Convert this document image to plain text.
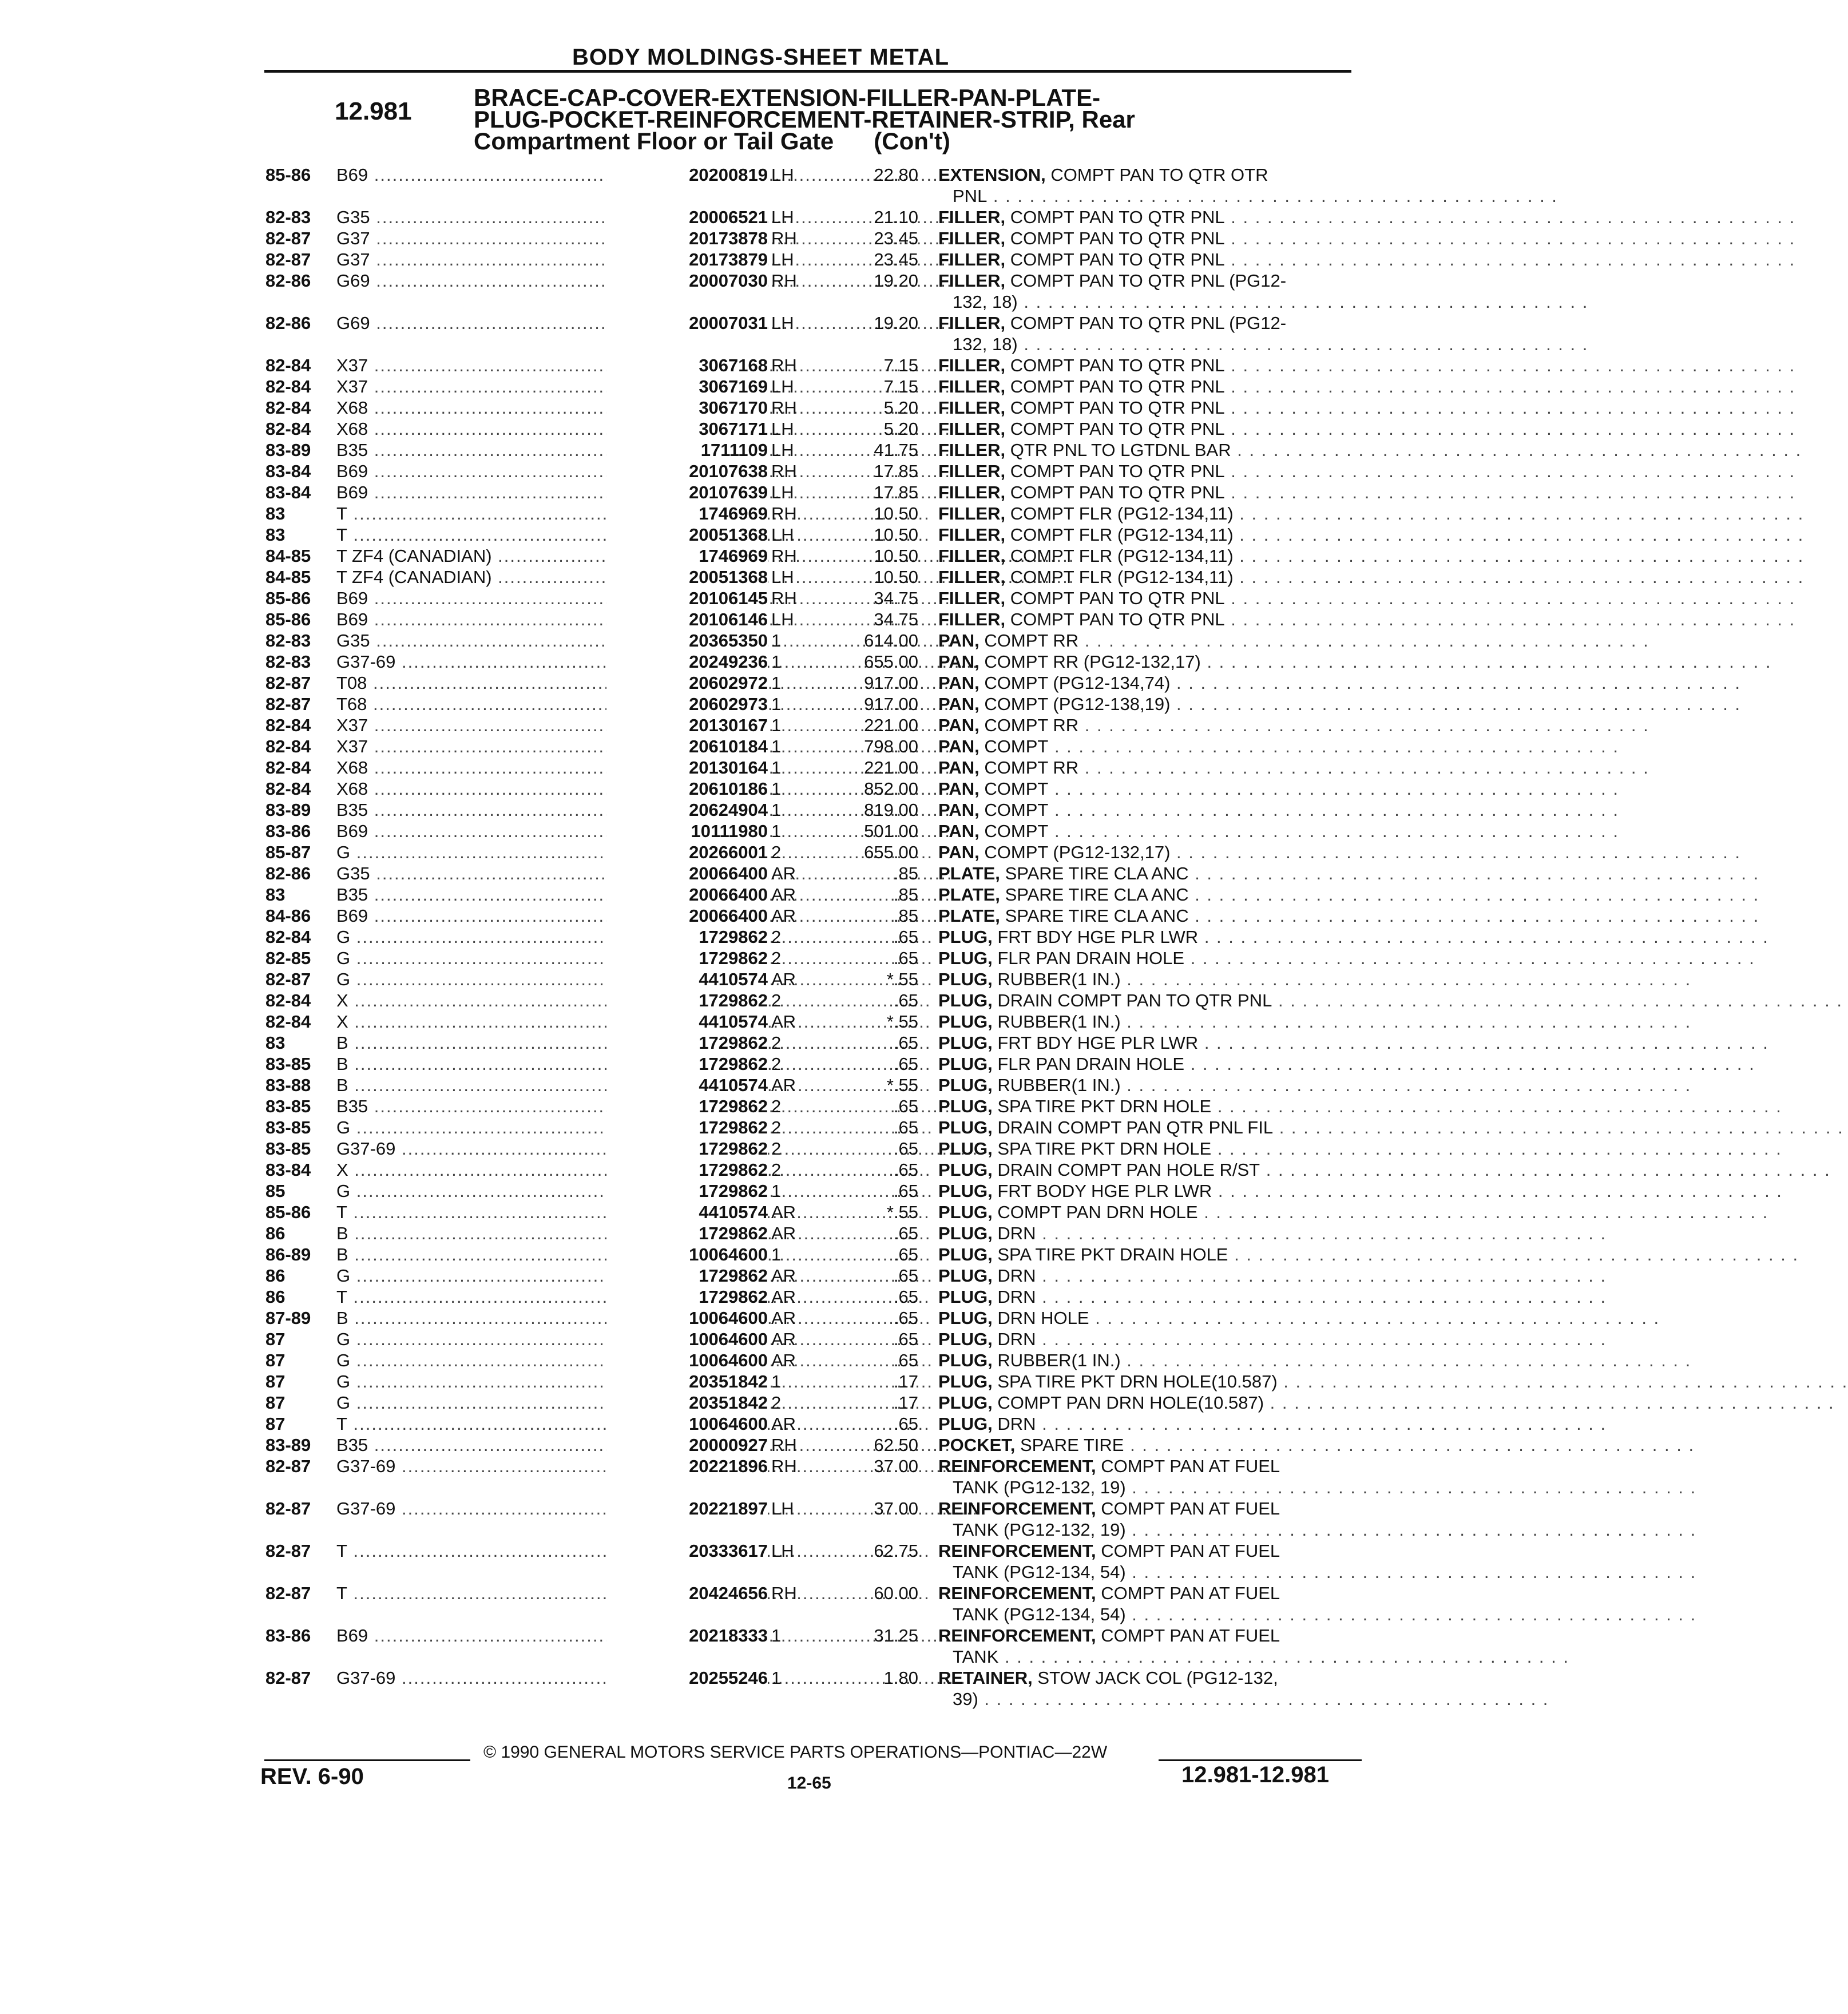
BODY MOLDINGS-SHEET METAL
12.981	BRACE-CAP-COVER-EXTENSION-FILLER-PAN-PLATE-
PLUG-POCKET-REINFORCEMENT-RETAINER-STRIP, Rear
Compartment Floor or Tail Gate      (Con't)
85-86	B69 .....	20200819 LH	22.80 EXTENSION, COMPT PAN TO QTR OTR
PNL . . . . . . . . . . . . . . . . . . . . . . . . . . . . . . . . . . . . . . . . . . . . . . .
82-83	G35 .....	20006521 LH	21.10 FILLER, COMPT PAN TO QTR PNL . . . . . . . . . . . . . . . . . . . . . . . . . . . . . . . . . . . . . . . . . . . . . . .
82-87	G37 .....	20173878 RH	23.45 FILLER, COMPT PAN TO QTR PNL . . . . . . . . . . . . . . . . . . . . . . . . . . . . . . . . . . . . . . . . . . . . . . .
82-87	G37 .....	20173879 LH	23.45 FILLER, COMPT PAN TO QTR PNL . . . . . . . . . . . . . . . . . . . . . . . . . . . . . . . . . . . . . . . . . . . . . . .
82-86	G69 .....	20007030 RH	19.20 FILLER, COMPT PAN TO QTR PNL (PG12-
132, 18) . . . . . . . . . . . . . . . . . . . . . . . . . . . . . . . . . . . . . . . . . . . . . . .
82-86	G69 .....	20007031 LH	19.20 FILLER, COMPT PAN TO QTR PNL (PG12-
132, 18) . . . . . . . . . . . . . . . . . . . . . . . . . . . . . . . . . . . . . . . . . . . . . . .
82-84	X37 .....	3067168 RH	7.15 FILLER, COMPT PAN TO QTR PNL . . . . . . . . . . . . . . . . . . . . . . . . . . . . . . . . . . . . . . . . . . . . . . .
82-84	X37 .....	3067169 LH	7.15 FILLER, COMPT PAN TO QTR PNL . . . . . . . . . . . . . . . . . . . . . . . . . . . . . . . . . . . . . . . . . . . . . . .
82-84	X68 .....	3067170 RH	5.20 FILLER, COMPT PAN TO QTR PNL . . . . . . . . . . . . . . . . . . . . . . . . . . . . . . . . . . . . . . . . . . . . . . .
82-84	X68 .....	3067171 LH	5.20 FILLER, COMPT PAN TO QTR PNL . . . . . . . . . . . . . . . . . . . . . . . . . . . . . . . . . . . . . . . . . . . . . . .
83-89	B35 .....	1711109 LH	41.75 FILLER, QTR PNL TO LGTDNL BAR . . . . . . . . . . . . . . . . . . . . . . . . . . . . . . . . . . . . . . . . . . . . . . .
83-84	B69 .....	20107638 RH	17.85 FILLER, COMPT PAN TO QTR PNL . . . . . . . . . . . . . . . . . . . . . . . . . . . . . . . . . . . . . . . . . . . . . . .
83-84	B69 .....	20107639 LH	17.85 FILLER, COMPT PAN TO QTR PNL . . . . . . . . . . . . . . . . . . . . . . . . . . . . . . . . . . . . . . . . . . . . . . .
83	T .....	1746969 RH	10.50 FILLER, COMPT FLR (PG12-134,11) . . . . . . . . . . . . . . . . . . . . . . . . . . . . . . . . . . . . . . . . . . . . . . .
83	T .....	20051368 LH	10.50 FILLER, COMPT FLR (PG12-134,11) . . . . . . . . . . . . . . . . . . . . . . . . . . . . . . . . . . . . . . . . . . . . . . .
84-85	T ZF4 (CANADIAN) .....	1746969 RH	10.50 FILLER, COMPT FLR (PG12-134,11) . . . . . . . . . . . . . . . . . . . . . . . . . . . . . . . . . . . . . . . . . . . . . . .
84-85	T ZF4 (CANADIAN) .....	20051368 LH	10.50 FILLER, COMPT FLR (PG12-134,11) . . . . . . . . . . . . . . . . . . . . . . . . . . . . . . . . . . . . . . . . . . . . . . .
85-86	B69 .....	20106145 RH	34.75 FILLER, COMPT PAN TO QTR PNL . . . . . . . . . . . . . . . . . . . . . . . . . . . . . . . . . . . . . . . . . . . . . . .
85-86	B69 .....	20106146 LH	34.75 FILLER, COMPT PAN TO QTR PNL . . . . . . . . . . . . . . . . . . . . . . . . . . . . . . . . . . . . . . . . . . . . . . .
82-83	G35 .....	20365350 1	614.00 PAN, COMPT RR . . . . . . . . . . . . . . . . . . . . . . . . . . . . . . . . . . . . . . . . . . . . . . .
82-83	G37-69 .....	20249236 1	655.00 PAN, COMPT RR (PG12-132,17) . . . . . . . . . . . . . . . . . . . . . . . . . . . . . . . . . . . . . . . . . . . . . . .
82-87	T08 .....	20602972 1	917.00 PAN, COMPT (PG12-134,74) . . . . . . . . . . . . . . . . . . . . . . . . . . . . . . . . . . . . . . . . . . . . . . .
82-87	T68 .....	20602973 1	917.00 PAN, COMPT (PG12-138,19) . . . . . . . . . . . . . . . . . . . . . . . . . . . . . . . . . . . . . . . . . . . . . . .
82-84	X37 .....	20130167 1	221.00 PAN, COMPT RR . . . . . . . . . . . . . . . . . . . . . . . . . . . . . . . . . . . . . . . . . . . . . . .
82-84	X37 .....	20610184 1	798.00 PAN, COMPT . . . . . . . . . . . . . . . . . . . . . . . . . . . . . . . . . . . . . . . . . . . . . . .
82-84	X68 .....	20130164 1	221.00 PAN, COMPT RR . . . . . . . . . . . . . . . . . . . . . . . . . . . . . . . . . . . . . . . . . . . . . . .
82-84	X68 .....	20610186 1	852.00 PAN, COMPT . . . . . . . . . . . . . . . . . . . . . . . . . . . . . . . . . . . . . . . . . . . . . . .
83-89	B35 .....	20624904 1	819.00 PAN, COMPT . . . . . . . . . . . . . . . . . . . . . . . . . . . . . . . . . . . . . . . . . . . . . . .
83-86	B69 .....	10111980 1	501.00 PAN, COMPT . . . . . . . . . . . . . . . . . . . . . . . . . . . . . . . . . . . . . . . . . . . . . . .
85-87	G .....	20266001 2	655.00 PAN, COMPT (PG12-132,17) . . . . . . . . . . . . . . . . . . . . . . . . . . . . . . . . . . . . . . . . . . . . . . .
82-86	G35 .....	20066400 AR	.85 PLATE, SPARE TIRE CLA ANC . . . . . . . . . . . . . . . . . . . . . . . . . . . . . . . . . . . . . . . . . . . . . . .
83	B35 .....	20066400 AR	.85 PLATE, SPARE TIRE CLA ANC . . . . . . . . . . . . . . . . . . . . . . . . . . . . . . . . . . . . . . . . . . . . . . .
84-86	B69 .....	20066400 AR	.85 PLATE, SPARE TIRE CLA ANC . . . . . . . . . . . . . . . . . . . . . . . . . . . . . . . . . . . . . . . . . . . . . . .
82-84	G .....	1729862 2	.65 PLUG, FRT BDY HGE PLR LWR . . . . . . . . . . . . . . . . . . . . . . . . . . . . . . . . . . . . . . . . . . . . . . .
82-85	G .....	1729862 2	.65 PLUG, FLR PAN DRAIN HOLE . . . . . . . . . . . . . . . . . . . . . . . . . . . . . . . . . . . . . . . . . . . . . . .
82-87	G .....	4410574 AR	*.55 PLUG, RUBBER(1 IN.) . . . . . . . . . . . . . . . . . . . . . . . . . . . . . . . . . . . . . . . . . . . . . . .
82-84	X .....	1729862 2	.65 PLUG, DRAIN COMPT PAN TO QTR PNL . . . . . . . . . . . . . . . . . . . . . . . . . . . . . . . . . . . . . . . . . . . . . . .
82-84	X .....	4410574 AR	*.55 PLUG, RUBBER(1 IN.) . . . . . . . . . . . . . . . . . . . . . . . . . . . . . . . . . . . . . . . . . . . . . . .
83	B .....	1729862 2	.65 PLUG, FRT BDY HGE PLR LWR . . . . . . . . . . . . . . . . . . . . . . . . . . . . . . . . . . . . . . . . . . . . . . .
83-85	B .....	1729862 2	.65 PLUG, FLR PAN DRAIN HOLE . . . . . . . . . . . . . . . . . . . . . . . . . . . . . . . . . . . . . . . . . . . . . . .
83-88	B .....	4410574 AR	*.55 PLUG, RUBBER(1 IN.) . . . . . . . . . . . . . . . . . . . . . . . . . . . . . . . . . . . . . . . . . . . . . . .
83-85	B35 .....	1729862 2	.65 PLUG, SPA TIRE PKT DRN HOLE . . . . . . . . . . . . . . . . . . . . . . . . . . . . . . . . . . . . . . . . . . . . . . .
83-85	G .....	1729862 2	.65 PLUG, DRAIN COMPT PAN QTR PNL FIL . . . . . . . . . . . . . . . . . . . . . . . . . . . . . . . . . . . . . . . . . . . . . . .
83-85	G37-69 .....	1729862 2	.65 PLUG, SPA TIRE PKT DRN HOLE . . . . . . . . . . . . . . . . . . . . . . . . . . . . . . . . . . . . . . . . . . . . . . .
83-84	X .....	1729862 2	.65 PLUG, DRAIN COMPT PAN HOLE R/ST . . . . . . . . . . . . . . . . . . . . . . . . . . . . . . . . . . . . . . . . . . . . . . .
85	G .....	1729862 1	.65 PLUG, FRT BODY HGE PLR LWR . . . . . . . . . . . . . . . . . . . . . . . . . . . . . . . . . . . . . . . . . . . . . . .
85-86	T .....	4410574 AR	*.55 PLUG, COMPT PAN DRN HOLE . . . . . . . . . . . . . . . . . . . . . . . . . . . . . . . . . . . . . . . . . . . . . . .
86	B .....	1729862 AR	.65 PLUG, DRN . . . . . . . . . . . . . . . . . . . . . . . . . . . . . . . . . . . . . . . . . . . . . . .
86-89	B .....	10064600 1	.65 PLUG, SPA TIRE PKT DRAIN HOLE . . . . . . . . . . . . . . . . . . . . . . . . . . . . . . . . . . . . . . . . . . . . . . .
86	G .....	1729862 AR	.65 PLUG, DRN . . . . . . . . . . . . . . . . . . . . . . . . . . . . . . . . . . . . . . . . . . . . . . .
86	T .....	1729862 AR	.65 PLUG, DRN . . . . . . . . . . . . . . . . . . . . . . . . . . . . . . . . . . . . . . . . . . . . . . .
87-89	B .....	10064600 AR	.65 PLUG, DRN HOLE . . . . . . . . . . . . . . . . . . . . . . . . . . . . . . . . . . . . . . . . . . . . . . .
87	G .....	10064600 AR	.65 PLUG, DRN . . . . . . . . . . . . . . . . . . . . . . . . . . . . . . . . . . . . . . . . . . . . . . .
87	G .....	10064600 AR	.65 PLUG, RUBBER(1 IN.) . . . . . . . . . . . . . . . . . . . . . . . . . . . . . . . . . . . . . . . . . . . . . . .
87	G .....	20351842 1	.17 PLUG, SPA TIRE PKT DRN HOLE(10.587) . . . . . . . . . . . . . . . . . . . . . . . . . . . . . . . . . . . . . . . . . . . . . . .
87	G .....	20351842 2	.17 PLUG, COMPT PAN DRN HOLE(10.587) . . . . . . . . . . . . . . . . . . . . . . . . . . . . . . . . . . . . . . . . . . . . . . .
87	T .....	10064600 AR	.65 PLUG, DRN . . . . . . . . . . . . . . . . . . . . . . . . . . . . . . . . . . . . . . . . . . . . . . .
83-89	B35 .....	20000927 RH	62.50 POCKET, SPARE TIRE . . . . . . . . . . . . . . . . . . . . . . . . . . . . . . . . . . . . . . . . . . . . . . .
82-87	G37-69 .....	20221896 RH	37.00 REINFORCEMENT, COMPT PAN AT FUEL
TANK (PG12-132, 19) . . . . . . . . . . . . . . . . . . . . . . . . . . . . . . . . . . . . . . . . . . . . . . .
82-87	G37-69 .....	20221897 LH	37.00 REINFORCEMENT, COMPT PAN AT FUEL
TANK (PG12-132, 19) . . . . . . . . . . . . . . . . . . . . . . . . . . . . . . . . . . . . . . . . . . . . . . .
82-87	T .....	20333617 LH	62.75 REINFORCEMENT, COMPT PAN AT FUEL
TANK (PG12-134, 54) . . . . . . . . . . . . . . . . . . . . . . . . . . . . . . . . . . . . . . . . . . . . . . .
82-87	T .....	20424656 RH	60.00 REINFORCEMENT, COMPT PAN AT FUEL
TANK (PG12-134, 54) . . . . . . . . . . . . . . . . . . . . . . . . . . . . . . . . . . . . . . . . . . . . . . .
83-86	B69 .....	20218333 1	31.25 REINFORCEMENT, COMPT PAN AT FUEL
TANK . . . . . . . . . . . . . . . . . . . . . . . . . . . . . . . . . . . . . . . . . . . . . . .
82-87	G37-69 .....	20255246 1	1.80 RETAINER, STOW JACK COL (PG12-132,
39) . . . . . . . . . . . . . . . . . . . . . . . . . . . . . . . . . . . . . . . . . . . . . . .
© 1990 GENERAL MOTORS SERVICE PARTS OPERATIONS—PONTIAC—22W
REV. 6-90	12-65	12.981-12.981
